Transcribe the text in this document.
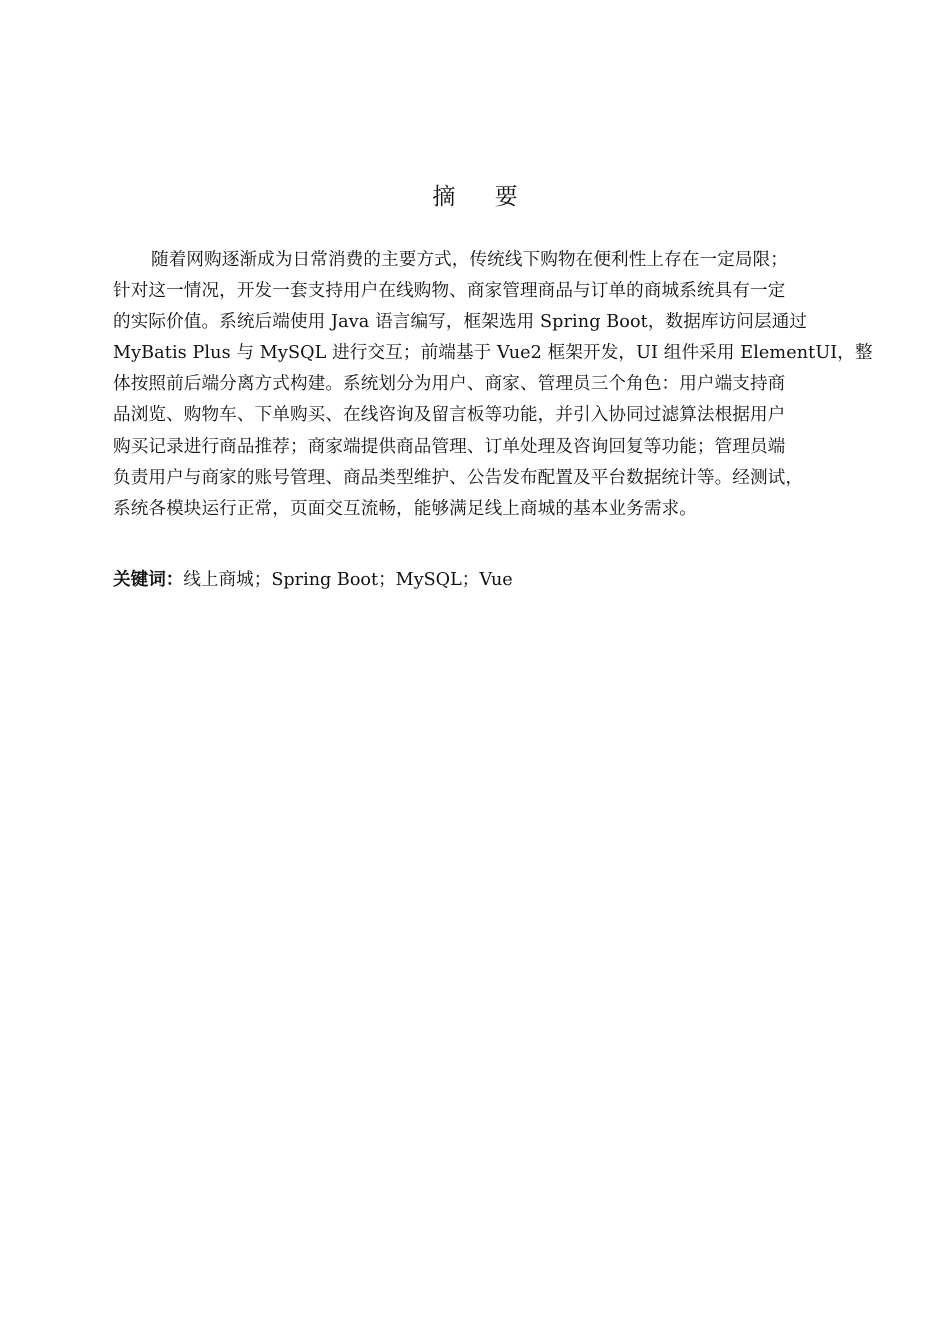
摘 要
随着网购逐渐成为日常消费的主要方式，传统线下购物在便利性上存在一定局限；
针对这一情况，开发一套支持用户在线购物、商家管理商品与订单的商城系统具有一定
的实际价值。系统后端使用 Java 语言编写，框架选用 Spring Boot，数据库访问层通过
MyBatis Plus 与 MySQL 进行交互；前端基于 Vue2 框架开发，UI 组件采用 ElementUI，整
体按照前后端分离方式构建。系统划分为用户、商家、管理员三个角色：用户端支持商
品浏览、购物车、下单购买、在线咨询及留言板等功能，并引入协同过滤算法根据用户
购买记录进行商品推荐；商家端提供商品管理、订单处理及咨询回复等功能；管理员端
负责用户与商家的账号管理、商品类型维护、公告发布配置及平台数据统计等。经测试，
系统各模块运行正常，页面交互流畅，能够满足线上商城的基本业务需求。

关键词：线上商城；Spring Boot；MySQL；Vue
